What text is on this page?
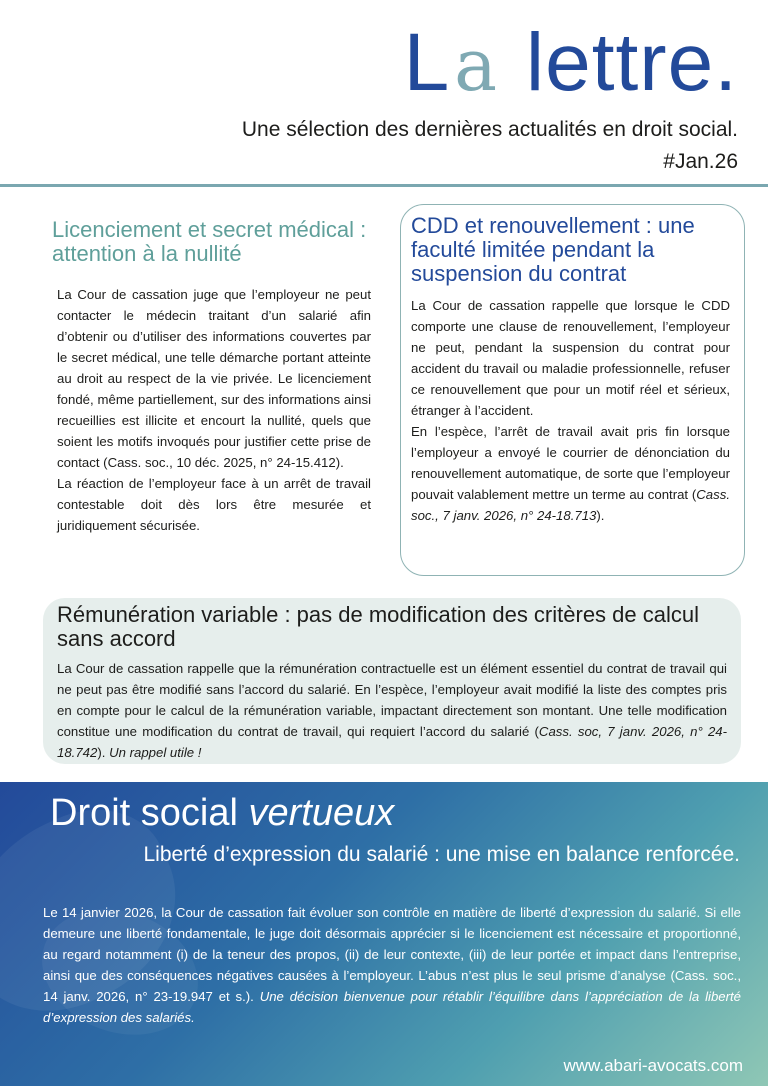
La lettre.
Une sélection des dernières actualités en droit social.
#Jan.26
Licenciement et secret médical : attention à la nullité

La Cour de cassation juge que l’employeur ne peut contacter le médecin traitant d’un salarié afin d’obtenir ou d’utiliser des informations couvertes par le secret médical, une telle démarche portant atteinte au droit au respect de la vie privée. Le licenciement fondé, même partiellement, sur des informations ainsi recueillies est illicite et encourt la nullité, quels que soient les motifs invoqués pour justifier cette prise de contact (Cass. soc., 10 déc. 2025, n° 24-15.412).

La réaction de l’employeur face à un arrêt de travail contestable doit dès lors être mesurée et juridiquement sécurisée.

CDD et renouvellement : une faculté limitée pendant la suspension du contrat

La Cour de cassation rappelle que lorsque le CDD comporte une clause de renouvellement, l’employeur ne peut, pendant la suspension du contrat pour accident du travail ou maladie professionnelle, refuser ce renouvellement que pour un motif réel et sérieux, étranger à l’accident.

En l’espèce, l’arrêt de travail avait pris fin lorsque l’employeur a envoyé le courrier de dénonciation du renouvellement automatique, de sorte que l’employeur pouvait valablement mettre un terme au contrat (Cass. soc., 7 janv. 2026, n° 24-18.713).

Rémunération variable : pas de modification des critères de calcul sans accord

La Cour de cassation rappelle que la rémunération contractuelle est un élément essentiel du contrat de travail qui ne peut pas être modifié sans l’accord du salarié. En l’espèce, l’employeur avait modifié la liste des comptes pris en compte pour le calcul de la rémunération variable, impactant directement son montant. Une telle modification constitue une modification du contrat de travail, qui requiert l’accord du salarié (Cass. soc, 7 janv. 2026, n° 24-18.742). Un rappel utile !

Droit social vertueux
Liberté d’expression du salarié : une mise en balance renforcée.

Le 14 janvier 2026, la Cour de cassation fait évoluer son contrôle en matière de liberté d’expression du salarié. Si elle demeure une liberté fondamentale, le juge doit désormais apprécier si le licenciement est nécessaire et proportionné, au regard notamment (i) de la teneur des propos, (ii) de leur contexte, (iii) de leur portée et impact dans l’entreprise, ainsi que des conséquences négatives causées à l’employeur. L’abus n’est plus le seul prisme d’analyse (Cass. soc., 14 janv. 2026, n° 23-19.947 et s.). Une décision bienvenue pour rétablir l’équilibre dans l’appréciation de la liberté d’expression des salariés.

www.abari-avocats.com
